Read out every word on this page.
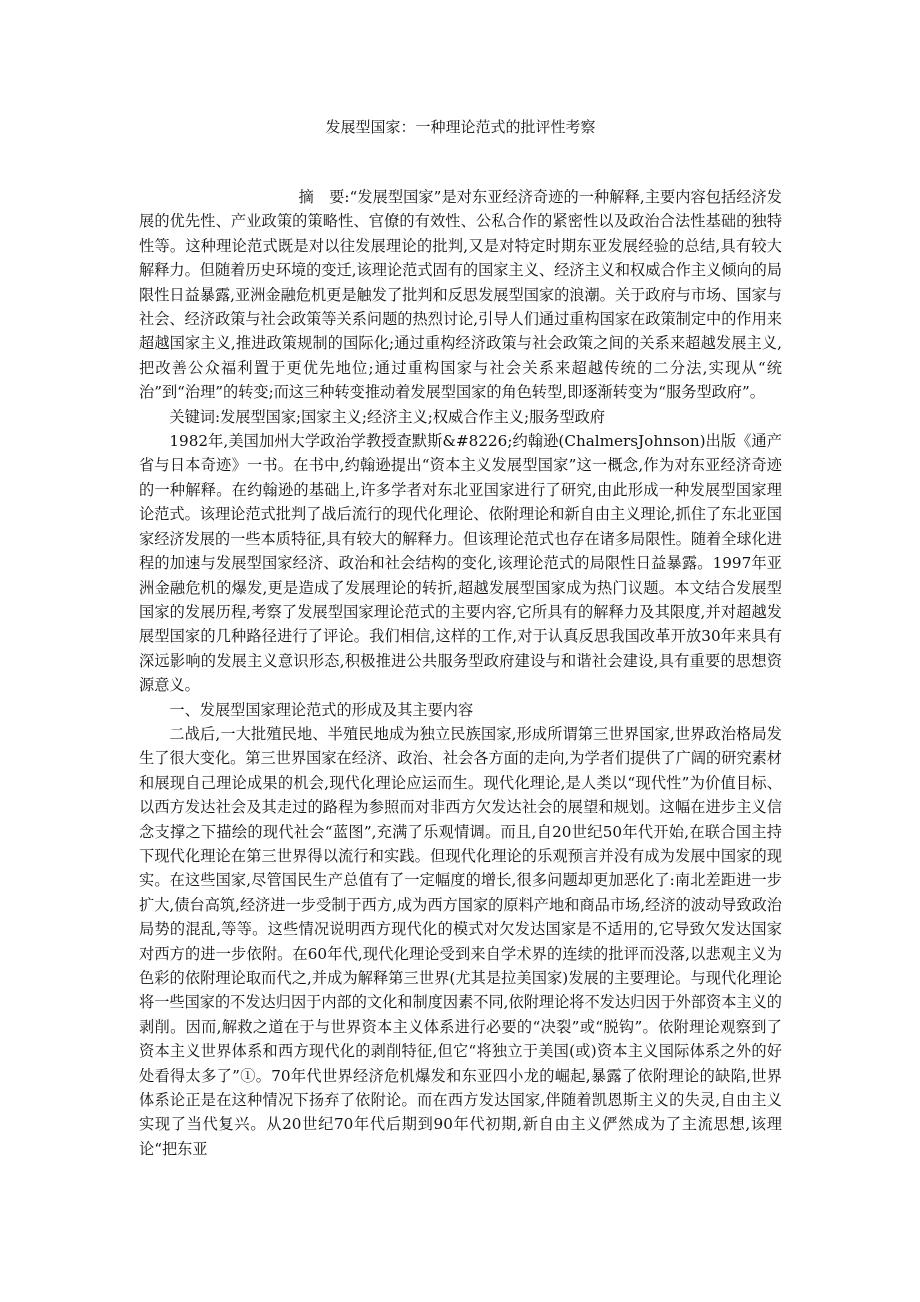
发展型国家：一种理论范式的批评性考察

摘　要:“发展型国家”是对东亚经济奇迹的一种解释,主要内容包括经济发展的优先性、产业政策的策略性、官僚的有效性、公私合作的紧密性以及政治合法性基础的独特性等。这种理论范式既是对以往发展理论的批判,又是对特定时期东亚发展经验的总结,具有较大解释力。但随着历史环境的变迁,该理论范式固有的国家主义、经济主义和权威合作主义倾向的局限性日益暴露,亚洲金融危机更是触发了批判和反思发展型国家的浪潮。关于政府与市场、国家与社会、经济政策与社会政策等关系问题的热烈讨论,引导人们通过重构国家在政策制定中的作用来超越国家主义,推进政策规制的国际化;通过重构经济政策与社会政策之间的关系来超越发展主义,把改善公众福利置于更优先地位;通过重构国家与社会关系来超越传统的二分法,实现从“统治”到“治理”的转变;而这三种转变推动着发展型国家的角色转型,即逐渐转变为“服务型政府”。

关键词:发展型国家;国家主义;经济主义;权威合作主义;服务型政府

1982年,美国加州大学政治学教授查默斯&#8226;约翰逊(ChalmersJohnson)出版《通产省与日本奇迹》一书。在书中,约翰逊提出“资本主义发展型国家”这一概念,作为对东亚经济奇迹的一种解释。在约翰逊的基础上,许多学者对东北亚国家进行了研究,由此形成一种发展型国家理论范式。该理论范式批判了战后流行的现代化理论、依附理论和新自由主义理论,抓住了东北亚国家经济发展的一些本质特征,具有较大的解释力。但该理论范式也存在诸多局限性。随着全球化进程的加速与发展型国家经济、政治和社会结构的变化,该理论范式的局限性日益暴露。1997年亚洲金融危机的爆发,更是造成了发展理论的转折,超越发展型国家成为热门议题。本文结合发展型国家的发展历程,考察了发展型国家理论范式的主要内容,它所具有的解释力及其限度,并对超越发展型国家的几种路径进行了评论。我们相信,这样的工作,对于认真反思我国改革开放30年来具有深远影响的发展主义意识形态,积极推进公共服务型政府建设与和谐社会建设,具有重要的思想资源意义。

一、发展型国家理论范式的形成及其主要内容

二战后,一大批殖民地、半殖民地成为独立民族国家,形成所谓第三世界国家,世界政治格局发生了很大变化。第三世界国家在经济、政治、社会各方面的走向,为学者们提供了广阔的研究素材和展现自己理论成果的机会,现代化理论应运而生。现代化理论,是人类以“现代性”为价值目标、以西方发达社会及其走过的路程为参照而对非西方欠发达社会的展望和规划。这幅在进步主义信念支撑之下描绘的现代社会“蓝图”,充满了乐观情调。而且,自20世纪50年代开始,在联合国主持下现代化理论在第三世界得以流行和实践。但现代化理论的乐观预言并没有成为发展中国家的现实。在这些国家,尽管国民生产总值有了一定幅度的增长,很多问题却更加恶化了:南北差距进一步扩大,债台高筑,经济进一步受制于西方,成为西方国家的原料产地和商品市场,经济的波动导致政治局势的混乱,等等。这些情况说明西方现代化的模式对欠发达国家是不适用的,它导致欠发达国家对西方的进一步依附。在60年代,现代化理论受到来自学术界的连续的批评而没落,以悲观主义为色彩的依附理论取而代之,并成为解释第三世界(尤其是拉美国家)发展的主要理论。与现代化理论将一些国家的不发达归因于内部的文化和制度因素不同,依附理论将不发达归因于外部资本主义的剥削。因而,解救之道在于与世界资本主义体系进行必要的“决裂”或“脱钩”。依附理论观察到了资本主义世界体系和西方现代化的剥削特征,但它“将独立于美国(或)资本主义国际体系之外的好处看得太多了”①。70年代世界经济危机爆发和东亚四小龙的崛起,暴露了依附理论的缺陷,世界体系论正是在这种情况下扬弃了依附论。而在西方发达国家,伴随着凯恩斯主义的失灵,自由主义实现了当代复兴。从20世纪70年代后期到90年代初期,新自由主义俨然成为了主流思想,该理论“把东亚
